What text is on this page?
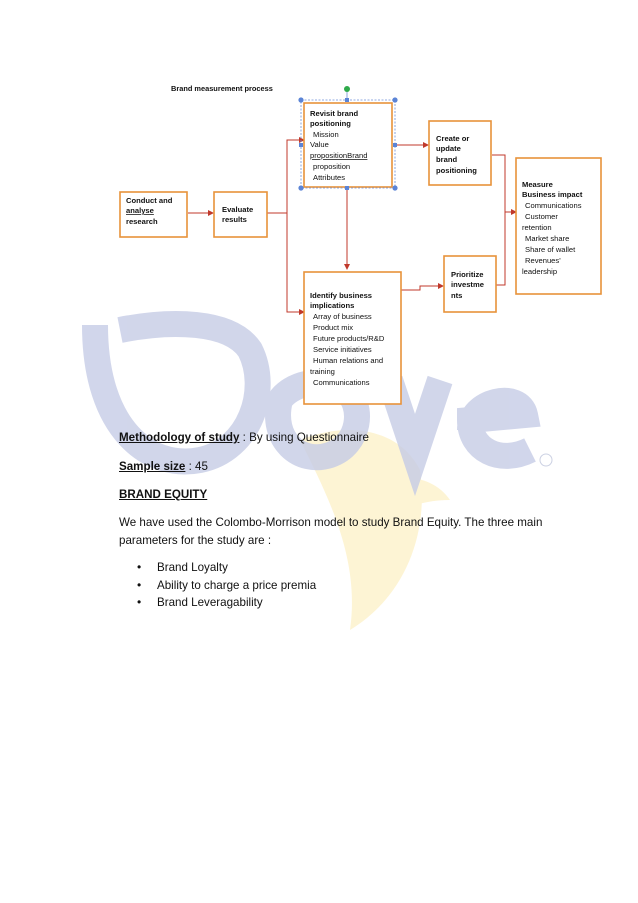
Brand measurement process
Conduct and
analyse
research
Evaluate
results
Revisit brand
positioning
Mission
Value
propositionBrand
proposition
Attributes
Identify business
implications
Array of business
Product mix
Future products/R&D
Service initiatives
Human relations and
training
Communications
Create or
update
brand
positioning
Prioritize
investme
nts
Measure
Business impact
Communications
Customer
retention
Market share
Share of wallet
Revenues'
leadership
Methodology of study : By using Questionnaire
Sample size : 45
BRAND EQUITY
We have used the Colombo-Morrison model to study Brand Equity. The three main
parameters for the study are :
• Brand Loyalty
• Ability to charge a price premia
• Brand Leveragability
